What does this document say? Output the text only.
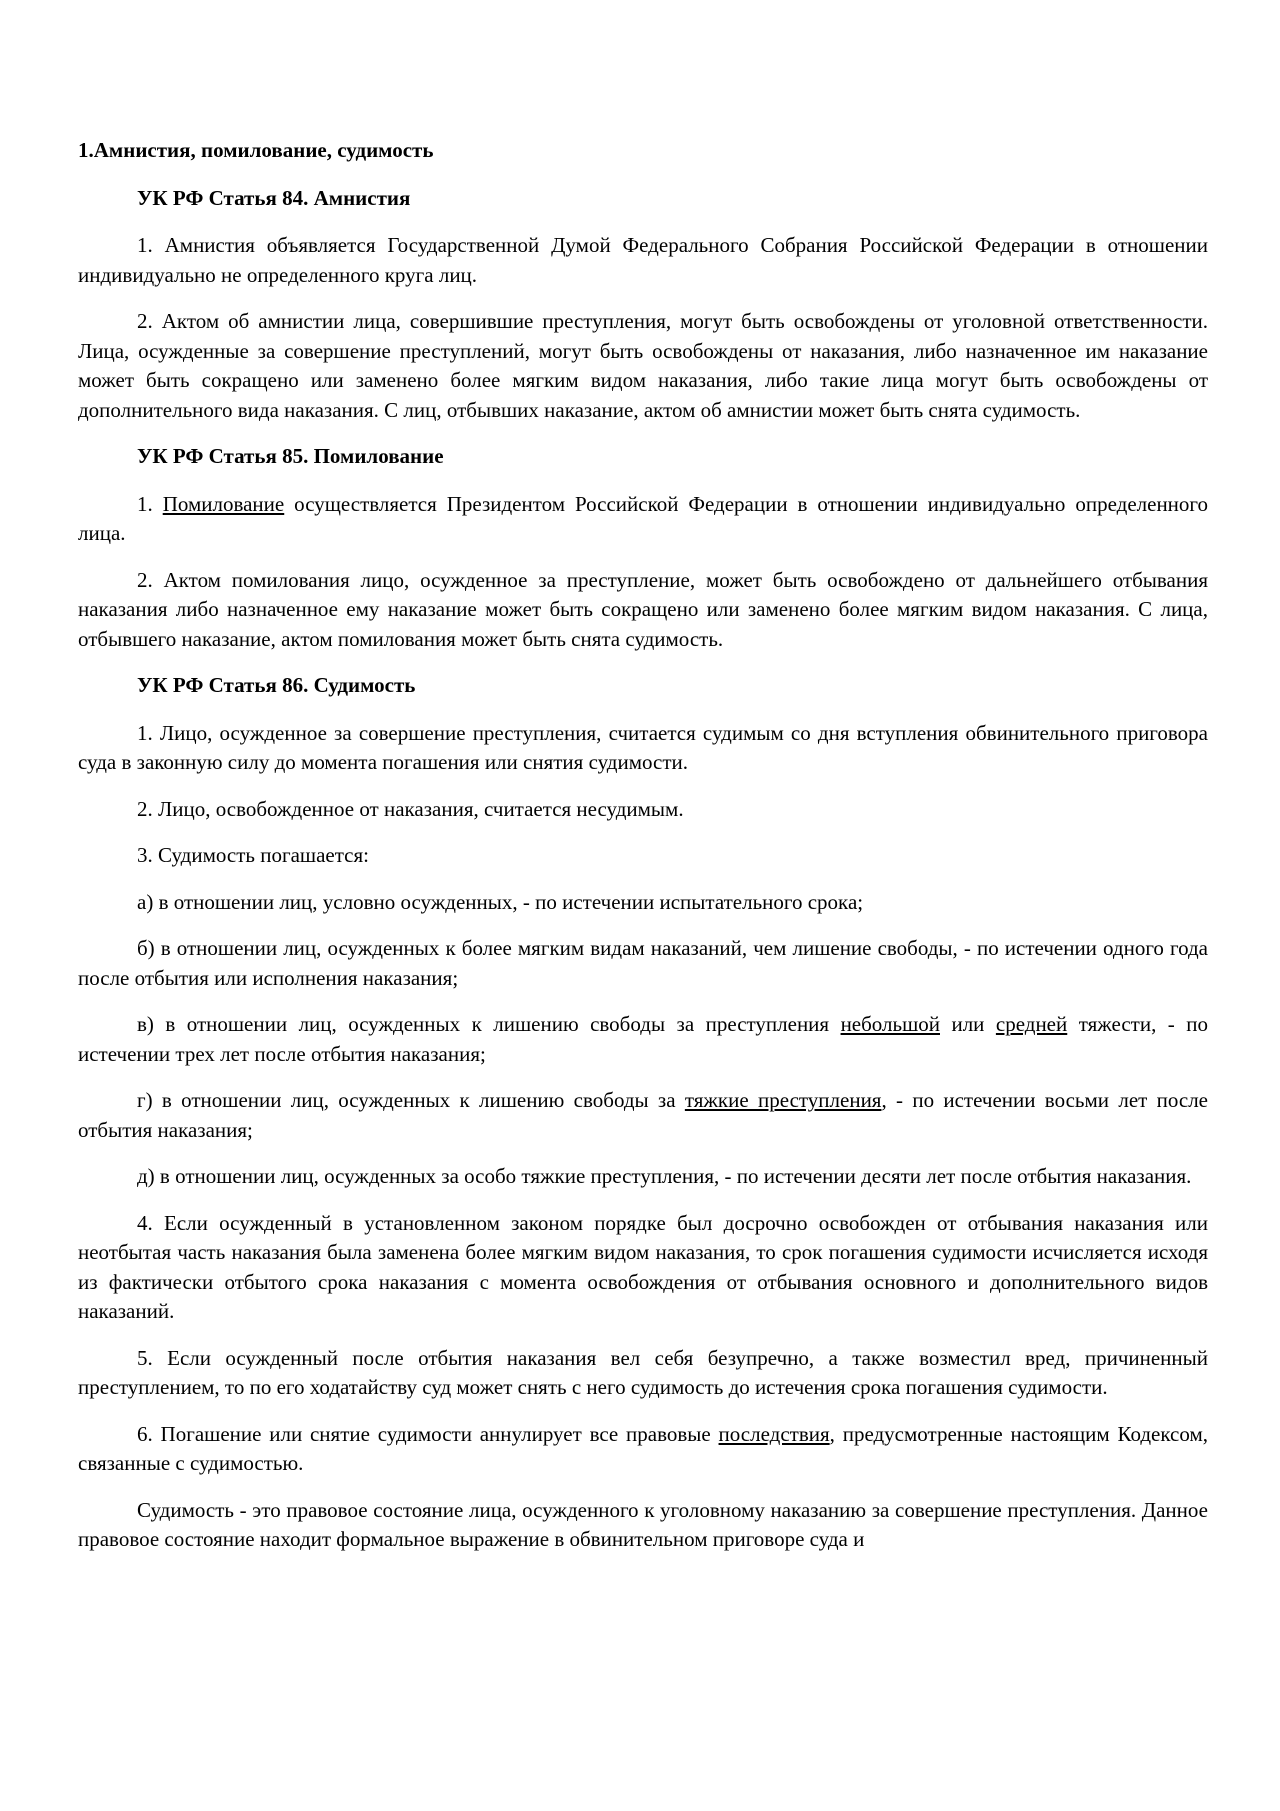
1.Амнистия, помилование, судимость
УК РФ Статья 84. Амнистия

1. Амнистия объявляется Государственной Думой Федерального Собрания Российской Федерации в отношении индивидуально не определенного круга лиц.

2. Актом об амнистии лица, совершившие преступления, могут быть освобождены от уголовной ответственности. Лица, осужденные за совершение преступлений, могут быть освобождены от наказания, либо назначенное им наказание может быть сокращено или заменено более мягким видом наказания, либо такие лица могут быть освобождены от дополнительного вида наказания. С лиц, отбывших наказание, актом об амнистии может быть снята судимость.

УК РФ Статья 85. Помилование

1. Помилование осуществляется Президентом Российской Федерации в отношении индивидуально определенного лица.

2. Актом помилования лицо, осужденное за преступление, может быть освобождено от дальнейшего отбывания наказания либо назначенное ему наказание может быть сокращено или заменено более мягким видом наказания. С лица, отбывшего наказание, актом помилования может быть снята судимость.

УК РФ Статья 86. Судимость

1. Лицо, осужденное за совершение преступления, считается судимым со дня вступления обвинительного приговора суда в законную силу до момента погашения или снятия судимости.

2. Лицо, освобожденное от наказания, считается несудимым.

3. Судимость погашается:

а) в отношении лиц, условно осужденных, - по истечении испытательного срока;

б) в отношении лиц, осужденных к более мягким видам наказаний, чем лишение свободы, - по истечении одного года после отбытия или исполнения наказания;

в) в отношении лиц, осужденных к лишению свободы за преступления небольшой или средней тяжести, - по истечении трех лет после отбытия наказания;

г) в отношении лиц, осужденных к лишению свободы за тяжкие преступления, - по истечении восьми лет после отбытия наказания;

д) в отношении лиц, осужденных за особо тяжкие преступления, - по истечении десяти лет после отбытия наказания.

4. Если осужденный в установленном законом порядке был досрочно освобожден от отбывания наказания или неотбытая часть наказания была заменена более мягким видом наказания, то срок погашения судимости исчисляется исходя из фактически отбытого срока наказания с момента освобождения от отбывания основного и дополнительного видов наказаний.

5. Если осужденный после отбытия наказания вел себя безупречно, а также возместил вред, причиненный преступлением, то по его ходатайству суд может снять с него судимость до истечения срока погашения судимости.

6. Погашение или снятие судимости аннулирует все правовые последствия, предусмотренные настоящим Кодексом, связанные с судимостью.

Судимость - это правовое состояние лица, осужденного к уголовному наказанию за совершение преступления. Данное правовое состояние находит формальное выражение в обвинительном приговоре суда и
